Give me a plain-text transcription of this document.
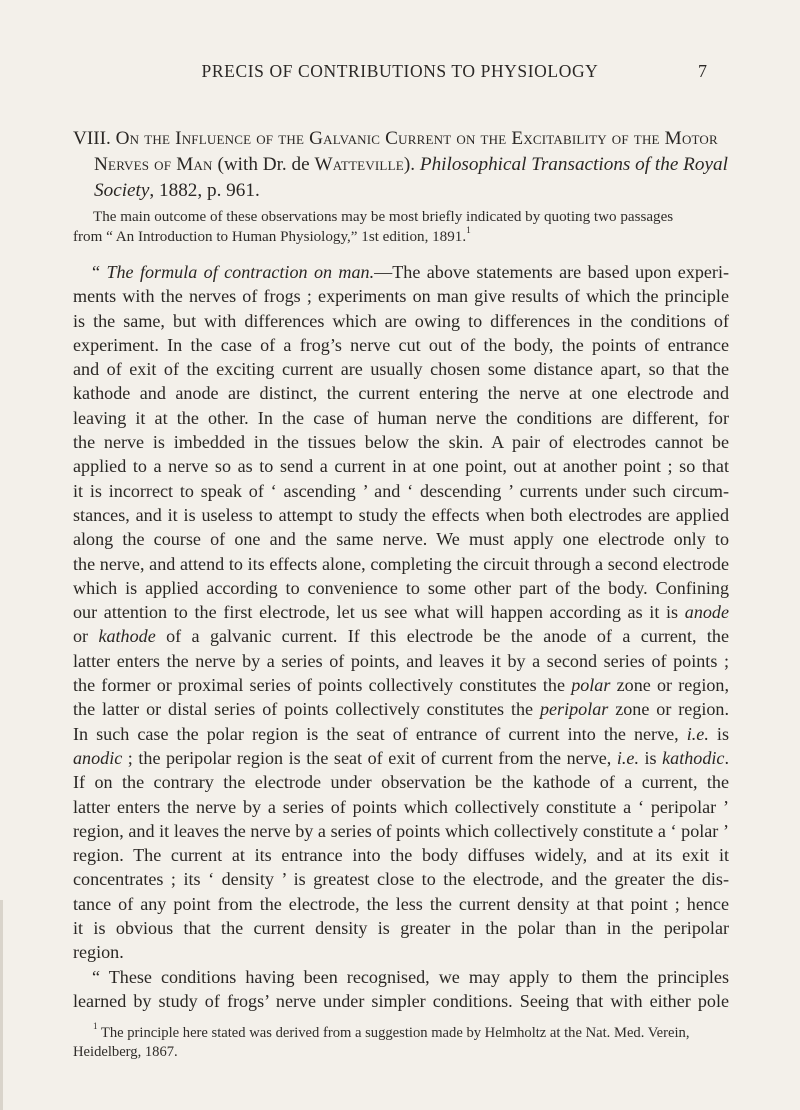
PRECIS OF CONTRIBUTIONS TO PHYSIOLOGY	7
VIII. On the Influence of the Galvanic Current on the Excitability of the Motor
Nerves of Man (with Dr. de Watteville). Philosophical Transactions of the Royal
Society, 1882, p. 961.
The main outcome of these observations may be most briefly indicated by quoting two passages
from “ An Introduction to Human Physiology,” 1st edition, 1891.$^1$
“ The formula of contraction on man.—The above statements are based upon experi-
ments with the nerves of frogs ; experiments on man give results of which the principle
is the same, but with differences which are owing to differences in the conditions of
experiment. In the case of a frog’s nerve cut out of the body, the points of entrance
and of exit of the exciting current are usually chosen some distance apart, so that the
kathode and anode are distinct, the current entering the nerve at one electrode and
leaving it at the other. In the case of human nerve the conditions are different, for
the nerve is imbedded in the tissues below the skin. A pair of electrodes cannot be
applied to a nerve so as to send a current in at one point, out at another point ; so that
it is incorrect to speak of ‘ ascending ’ and ‘ descending ’ currents under such circum-
stances, and it is useless to attempt to study the effects when both electrodes are applied
along the course of one and the same nerve. We must apply one electrode only to
the nerve, and attend to its effects alone, completing the circuit through a second electrode
which is applied according to convenience to some other part of the body. Confining
our attention to the first electrode, let us see what will happen according as it is anode
or kathode of a galvanic current. If this electrode be the anode of a current, the
latter enters the nerve by a series of points, and leaves it by a second series of points ;
the former or proximal series of points collectively constitutes the polar zone or region,
the latter or distal series of points collectively constitutes the peripolar zone or region.
In such case the polar region is the seat of entrance of current into the nerve, i.e. is
anodic ; the peripolar region is the seat of exit of current from the nerve, i.e. is kathodic.
If on the contrary the electrode under observation be the kathode of a current, the
latter enters the nerve by a series of points which collectively constitute a ‘ peripolar ’
region, and it leaves the nerve by a series of points which collectively constitute a ‘ polar ’
region. The current at its entrance into the body diffuses widely, and at its exit it
concentrates ; its ‘ density ’ is greatest close to the electrode, and the greater the dis-
tance of any point from the electrode, the less the current density at that point ; hence
it is obvious that the current density is greater in the polar than in the peripolar
region.
“ These conditions having been recognised, we may apply to them the principles
learned by study of frogs’ nerve under simpler conditions. Seeing that with either pole
$^1$ The principle here stated was derived from a suggestion made by Helmholtz at the Nat. Med. Verein,
Heidelberg, 1867.
